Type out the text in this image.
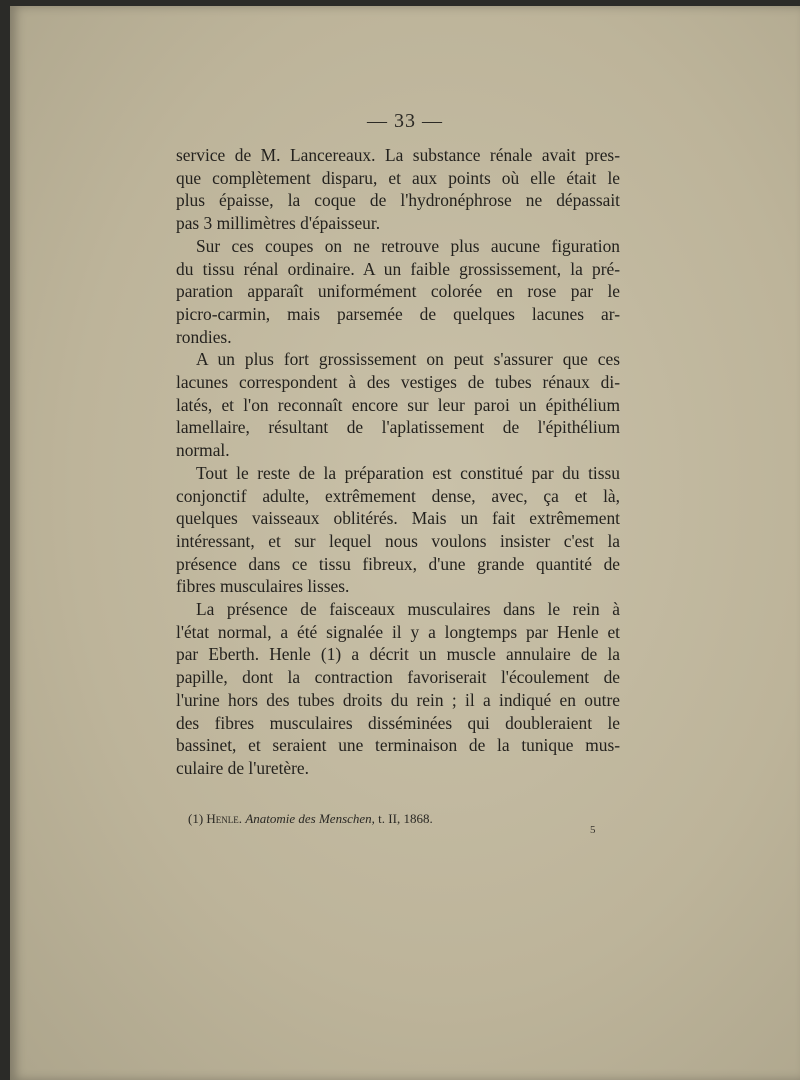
— 33 —
service de M. Lancereaux. La substance rénale avait pres-
que complètement disparu, et aux points où elle était le
plus épaisse, la coque de l'hydronéphrose ne dépassait
pas 3 millimètres d'épaisseur.
Sur ces coupes on ne retrouve plus aucune figuration
du tissu rénal ordinaire. A un faible grossissement, la pré-
paration apparaît uniformément colorée en rose par le
picro-carmin, mais parsemée de quelques lacunes ar-
rondies.
A un plus fort grossissement on peut s'assurer que ces
lacunes correspondent à des vestiges de tubes rénaux di-
latés, et l'on reconnaît encore sur leur paroi un épithélium
lamellaire, résultant de l'aplatissement de l'épithélium
normal.
Tout le reste de la préparation est constitué par du tissu
conjonctif adulte, extrêmement dense, avec, ça et là,
quelques vaisseaux oblitérés. Mais un fait extrêmement
intéressant, et sur lequel nous voulons insister c'est la
présence dans ce tissu fibreux, d'une grande quantité de
fibres musculaires lisses.
La présence de faisceaux musculaires dans le rein à
l'état normal, a été signalée il y a longtemps par Henle et
par Eberth. Henle (1) a décrit un muscle annulaire de la
papille, dont la contraction favoriserait l'écoulement de
l'urine hors des tubes droits du rein ; il a indiqué en outre
des fibres musculaires disséminées qui doubleraient le
bassinet, et seraient une terminaison de la tunique mus-
culaire de l'uretère.
(1) Henle. Anatomie des Menschen, t. II, 1868.
5
